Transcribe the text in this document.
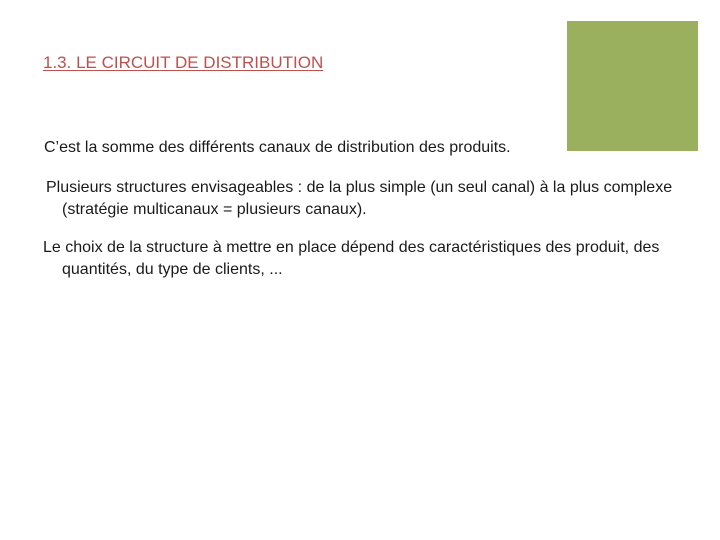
1.3. LE CIRCUIT DE DISTRIBUTION

C’est la somme des différents canaux de distribution des produits.

Plusieurs structures envisageables : de la plus simple (un seul canal) à la plus complexe (stratégie multicanaux = plusieurs canaux).

Le choix de la structure à mettre en place dépend des caractéristiques des produit, des quantités, du type de clients, ...
